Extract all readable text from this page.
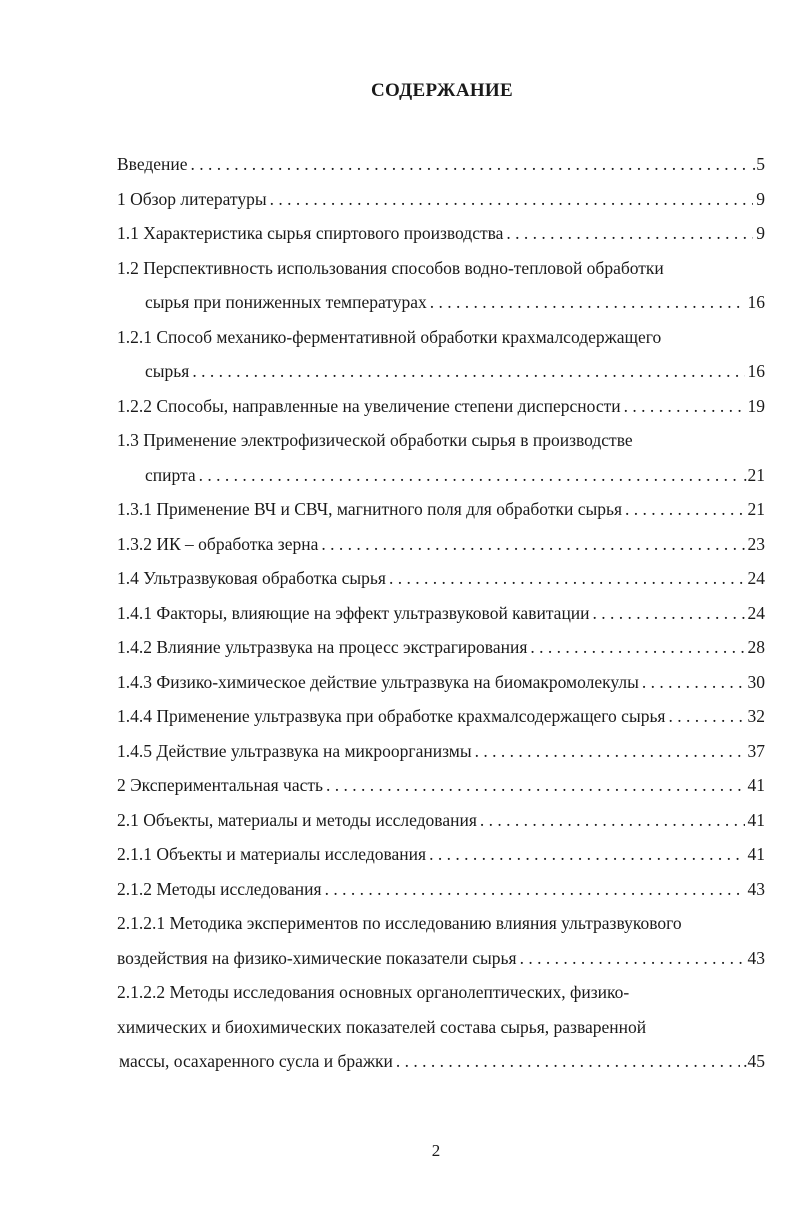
СОДЕРЖАНИЕ
Введение . . .	.5
1 Обзор литературы . . .	9
1.1 Характеристика сырья спиртового производства . . .	9
1.2 Перспективность использования способов водно-тепловой обработки
сырья при пониженных температурах . . .	16
1.2.1 Способ механико-ферментативной обработки крахмалсодержащего
сырья . . .	16
1.2.2 Способы, направленные на увеличение степени дисперсности . . .	19
1.3 Применение электрофизической обработки сырья в производстве
спирта . . .	.21
1.3.1 Применение ВЧ и СВЧ, магнитного поля для обработки сырья . . .	21
1.3.2 ИК – обработка зерна . . .	23
1.4 Ультразвуковая обработка сырья . . .	24
1.4.1 Факторы, влияющие на эффект ультразвуковой кавитации . . .	24
1.4.2 Влияние ультразвука на процесс экстрагирования . . .	28
1.4.3 Физико-химическое действие ультразвука на биомакромолекулы . . .	30
1.4.4 Применение ультразвука при обработке крахмалсодержащего сырья . . .	32
1.4.5 Действие ультразвука на микроорганизмы . . .	37
2 Экспериментальная часть . . .	41
2.1 Объекты, материалы и методы исследования . . .	41
2.1.1 Объекты и материалы исследования . . .	41
2.1.2 Методы исследования . . .	43
2.1.2.1 Методика экспериментов по исследованию влияния ультразвукового
воздействия на физико-химические показатели сырья . . .	43
2.1.2.2 Методы исследования основных органолептических, физико-
химических и биохимических показателей состава сырья, разваренной
массы, осахаренного сусла и бражки . . .	.45
2
